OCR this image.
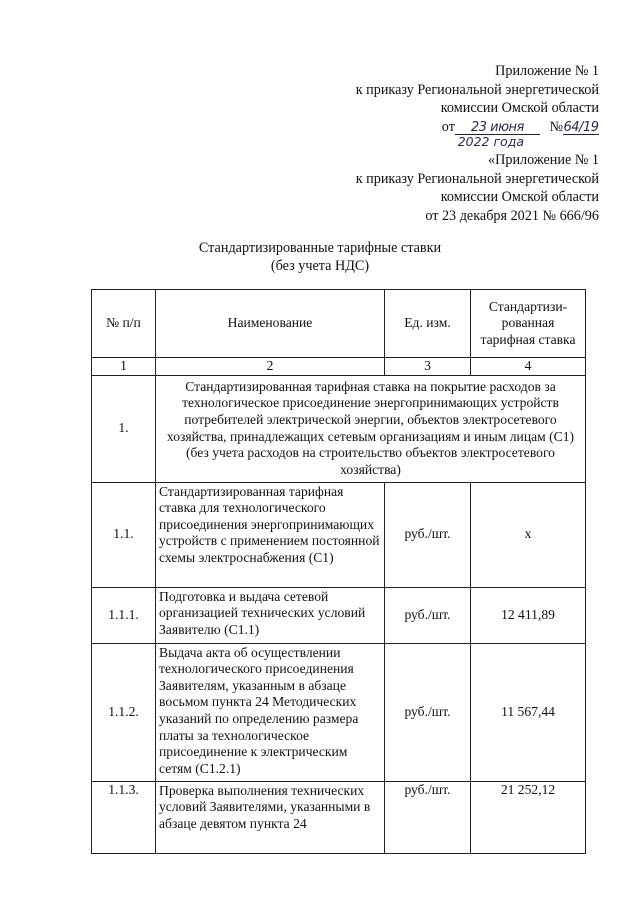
Приложение № 1
к приказу Региональной энергетической
комиссии Омской области
от 23 июня №64/19
2022 года
«Приложение № 1
к приказу Региональной энергетической
комиссии Омской области
от 23 декабря 2021 № 666/96
Стандартизированные тарифные ставки
(без учета НДС)
№ п/п	Наименование	Ед. изм.	Стандартизи-рованная тарифная ставка
1	2	3	4
1.	Стандартизированная тарифная ставка на покрытие расходов за технологическое присоединение энергопринимающих устройств потребителей электрической энергии, объектов электросетевого хозяйства, принадлежащих сетевым организациям и иным лицам (С1) (без учета расходов на строительство объектов электросетевого хозяйства)		
1.1.	Стандартизированная тарифная ставка для технологического присоединения энергопринимающих устройств с применением постоянной схемы электроснабжения (С1)	руб./шт.	х
1.1.1.	Подготовка и выдача сетевой организацией технических условий Заявителю (С1.1)	руб./шт.	12 411,89
1.1.2.	Выдача акта об осуществлении технологического присоединения Заявителям, указанным в абзаце восьмом пункта 24 Методических указаний по определению размера платы за технологическое присоединение к электрическим сетям (С1.2.1)	руб./шт.	11 567,44
1.1.3.	Проверка выполнения технических условий Заявителями, указанными в абзаце девятом пункта 24	руб./шт.	21 252,12
